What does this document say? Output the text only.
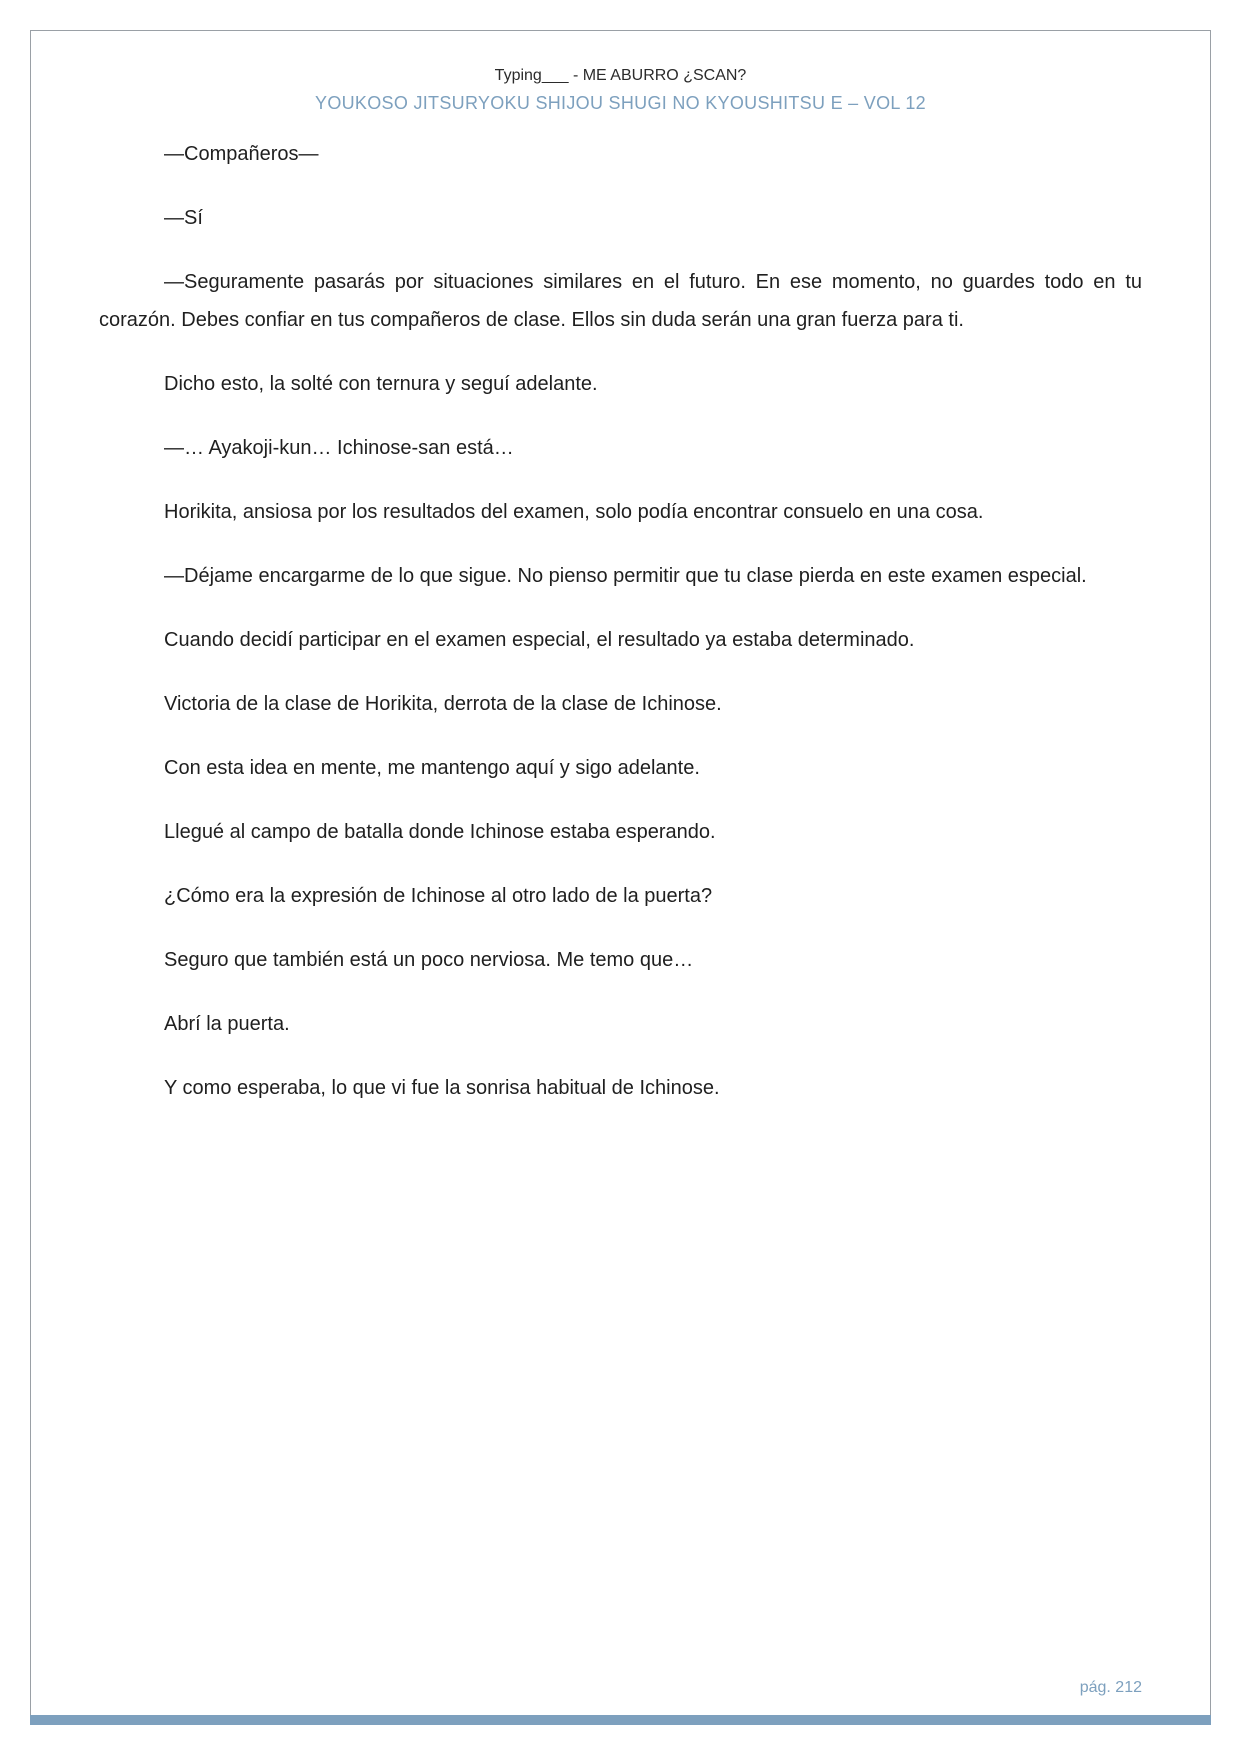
Typing___ - ME ABURRO ¿SCAN?
YOUKOSO JITSURYOKU SHIJOU SHUGI NO KYOUSHITSU E – VOL 12

—Compañeros—

—Sí

—Seguramente pasarás por situaciones similares en el futuro. En ese momento, no guardes todo en tu corazón. Debes confiar en tus compañeros de clase. Ellos sin duda serán una gran fuerza para ti.

Dicho esto, la solté con ternura y seguí adelante.

—… Ayakoji-kun… Ichinose-san está…

Horikita, ansiosa por los resultados del examen, solo podía encontrar consuelo en una cosa.

—Déjame encargarme de lo que sigue. No pienso permitir que tu clase pierda en este examen especial.

Cuando decidí participar en el examen especial, el resultado ya estaba determinado.

Victoria de la clase de Horikita, derrota de la clase de Ichinose.

Con esta idea en mente, me mantengo aquí y sigo adelante.

Llegué al campo de batalla donde Ichinose estaba esperando.

¿Cómo era la expresión de Ichinose al otro lado de la puerta?

Seguro que también está un poco nerviosa. Me temo que…

Abrí la puerta.

Y como esperaba, lo que vi fue la sonrisa habitual de Ichinose.

pág. 212
